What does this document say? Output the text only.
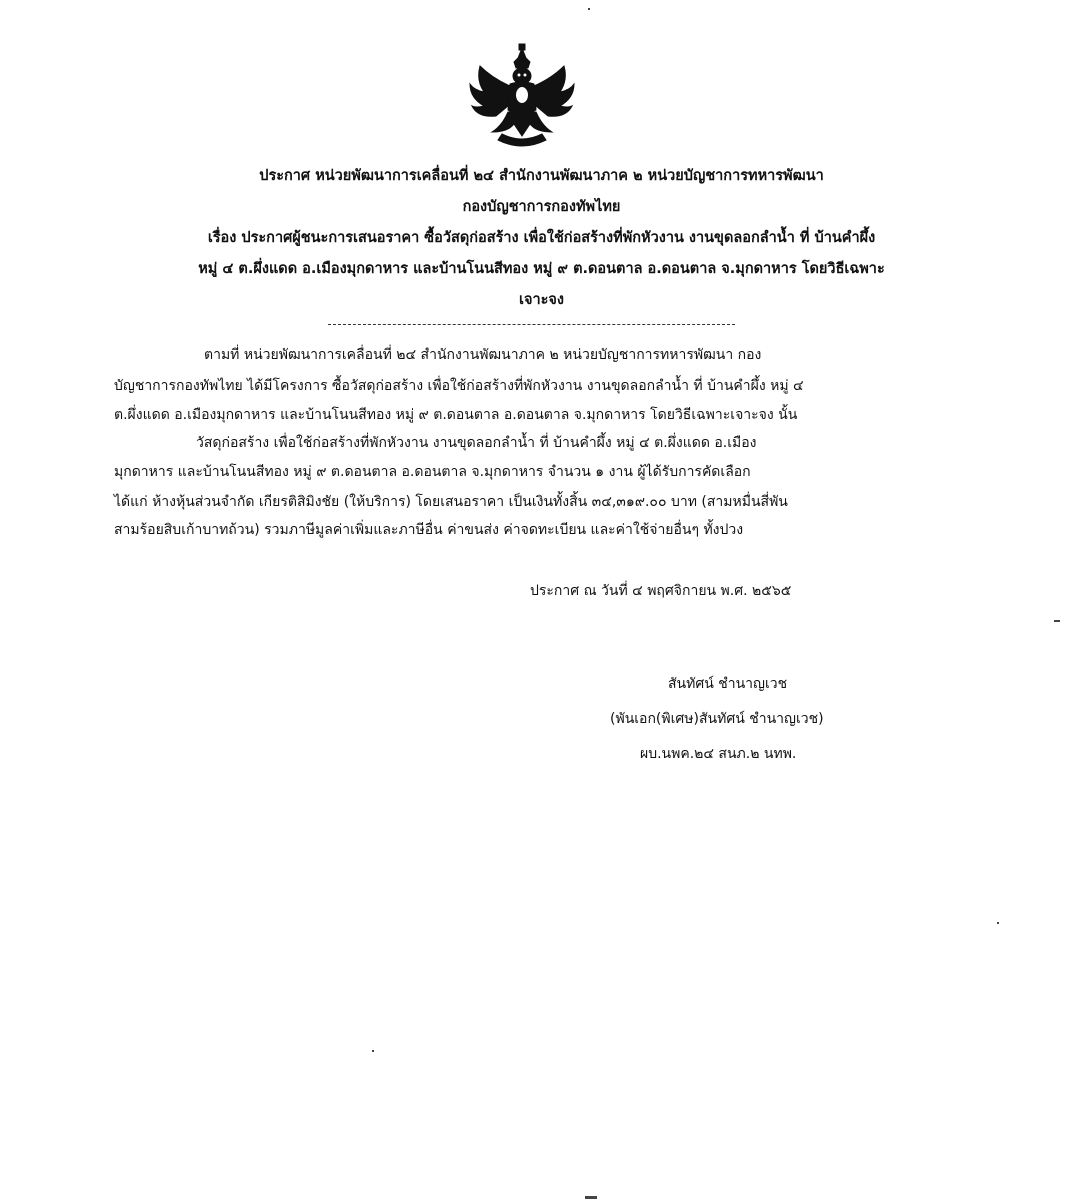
ประกาศ หน่วยพัฒนาการเคลื่อนที่ ๒๔ สำนักงานพัฒนาภาค ๒ หน่วยบัญชาการทหารพัฒนา
กองบัญชาการกองทัพไทย
เรื่อง ประกาศผู้ชนะการเสนอราคา ซื้อวัสดุก่อสร้าง เพื่อใช้ก่อสร้างที่พักหัวงาน งานขุดลอกลำน้ำ ที่ บ้านคำผึ้ง
หมู่ ๔ ต.ผึ่งแดด อ.เมืองมุกดาหาร และบ้านโนนสีทอง หมู่ ๙ ต.ดอนตาล อ.ดอนตาล จ.มุกดาหาร โดยวิธีเฉพาะ
เจาะจง
ตามที่ หน่วยพัฒนาการเคลื่อนที่ ๒๔ สำนักงานพัฒนาภาค ๒ หน่วยบัญชาการทหารพัฒนา กอง
บัญชาการกองทัพไทย ได้มีโครงการ ซื้อวัสดุก่อสร้าง เพื่อใช้ก่อสร้างที่พักหัวงาน งานขุดลอกลำน้ำ ที่ บ้านคำผึ้ง หมู่ ๔
ต.ผึ่งแดด อ.เมืองมุกดาหาร และบ้านโนนสีทอง หมู่ ๙ ต.ดอนตาล อ.ดอนตาล จ.มุกดาหาร โดยวิธีเฉพาะเจาะจง นั้น
วัสดุก่อสร้าง เพื่อใช้ก่อสร้างที่พักหัวงาน งานขุดลอกลำน้ำ ที่ บ้านคำผึ้ง หมู่ ๔ ต.ผึ่งแดด อ.เมือง
มุกดาหาร และบ้านโนนสีทอง หมู่ ๙ ต.ดอนตาล อ.ดอนตาล จ.มุกดาหาร จำนวน ๑ งาน ผู้ได้รับการคัดเลือก
ได้แก่ ห้างหุ้นส่วนจำกัด เกียรติสิมิงชัย (ให้บริการ) โดยเสนอราคา เป็นเงินทั้งสิ้น ๓๔,๓๑๙.๐๐ บาท (สามหมื่นสี่พัน
สามร้อยสิบเก้าบาทถ้วน) รวมภาษีมูลค่าเพิ่มและภาษีอื่น ค่าขนส่ง ค่าจดทะเบียน และค่าใช้จ่ายอื่นๆ ทั้งปวง
ประกาศ ณ วันที่ ๔ พฤศจิกายน พ.ศ. ๒๕๖๕
สันทัศน์ ชำนาญเวช
(พันเอก(พิเศษ)สันทัศน์ ชำนาญเวช)
ผบ.นพค.๒๔ สนภ.๒ นทพ.
